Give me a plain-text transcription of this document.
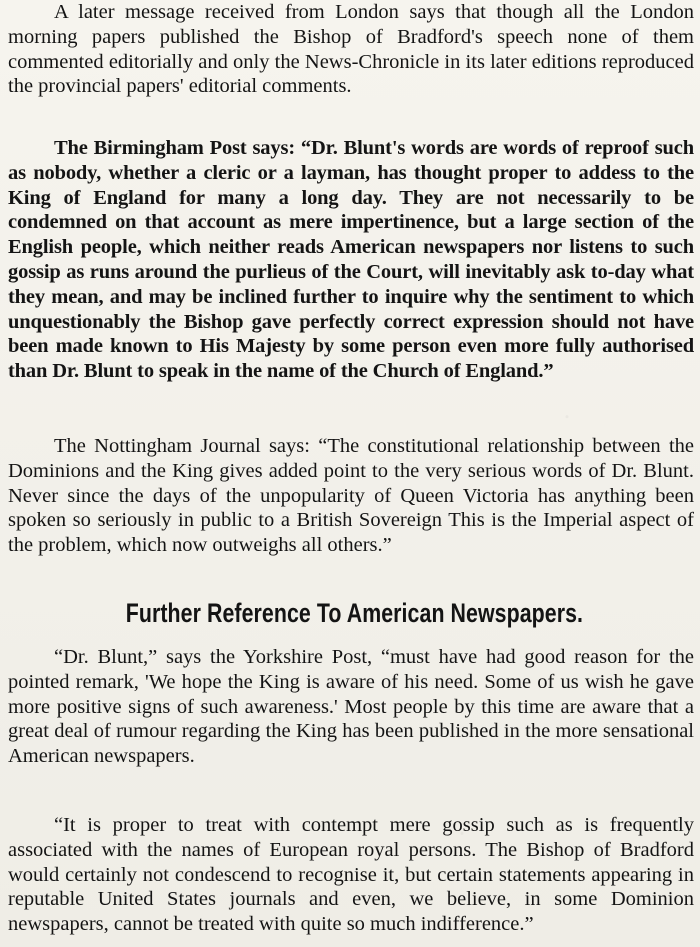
A later message received from London says that though all the London morning papers published the Bishop of Bradford's speech none of them commented editorially and only the News-Chronicle in its later editions reproduced the provincial papers' editorial comments.

The Birmingham Post says: “Dr. Blunt's words are words of reproof such as nobody, whether a cleric or a layman, has thought proper to addess to the King of England for many a long day. They are not necessarily to be condemned on that account as mere impertinence, but a large section of the English people, which neither reads American newspapers nor listens to such gossip as runs around the purlieus of the Court, will inevitably ask to-day what they mean, and may be inclined further to inquire why the sentiment to which unquestionably the Bishop gave perfectly correct expression should not have been made known to His Majesty by some person even more fully authorised than Dr. Blunt to speak in the name of the Church of England.”

The Nottingham Journal says: “The constitutional relationship between the Dominions and the King gives added point to the very serious words of Dr. Blunt. Never since the days of the unpopularity of Queen Victoria has anything been spoken so seriously in public to a British Sovereign This is the Imperial aspect of the problem, which now outweighs all others.”

Further Reference To American Newspapers.

“Dr. Blunt,” says the Yorkshire Post, “must have had good reason for the pointed remark, 'We hope the King is aware of his need. Some of us wish he gave more positive signs of such awareness.' Most people by this time are aware that a great deal of rumour regarding the King has been published in the more sensational American newspapers.

“It is proper to treat with contempt mere gossip such as is frequently associated with the names of European royal persons. The Bishop of Bradford would certainly not condescend to recognise it, but certain statements appearing in reputable United States journals and even, we believe, in some Dominion newspapers, cannot be treated with quite so much indifference.”
